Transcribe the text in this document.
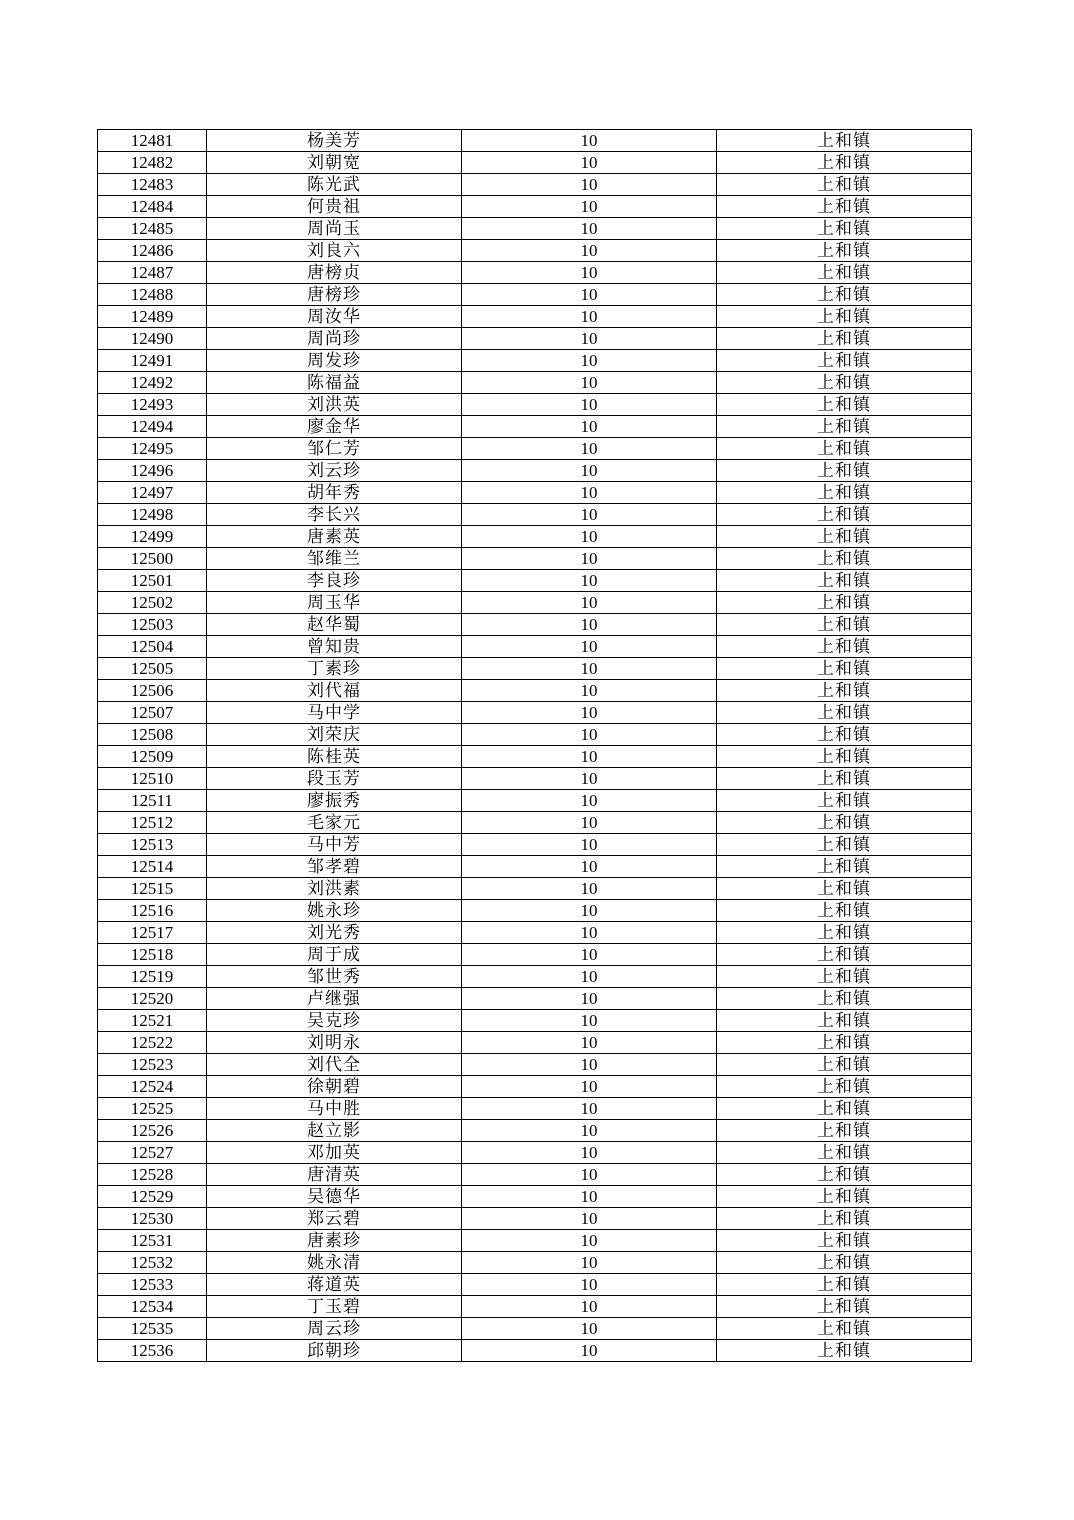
12481	杨美芳	10	上和镇
12482	刘朝宽	10	上和镇
12483	陈光武	10	上和镇
12484	何贵祖	10	上和镇
12485	周尚玉	10	上和镇
12486	刘良六	10	上和镇
12487	唐榜贞	10	上和镇
12488	唐榜珍	10	上和镇
12489	周汝华	10	上和镇
12490	周尚珍	10	上和镇
12491	周发珍	10	上和镇
12492	陈福益	10	上和镇
12493	刘洪英	10	上和镇
12494	廖金华	10	上和镇
12495	邹仁芳	10	上和镇
12496	刘云珍	10	上和镇
12497	胡年秀	10	上和镇
12498	李长兴	10	上和镇
12499	唐素英	10	上和镇
12500	邹维兰	10	上和镇
12501	李良珍	10	上和镇
12502	周玉华	10	上和镇
12503	赵华蜀	10	上和镇
12504	曾知贵	10	上和镇
12505	丁素珍	10	上和镇
12506	刘代福	10	上和镇
12507	马中学	10	上和镇
12508	刘荣庆	10	上和镇
12509	陈桂英	10	上和镇
12510	段玉芳	10	上和镇
12511	廖振秀	10	上和镇
12512	毛家元	10	上和镇
12513	马中芳	10	上和镇
12514	邹孝碧	10	上和镇
12515	刘洪素	10	上和镇
12516	姚永珍	10	上和镇
12517	刘光秀	10	上和镇
12518	周于成	10	上和镇
12519	邹世秀	10	上和镇
12520	卢继强	10	上和镇
12521	吴克珍	10	上和镇
12522	刘明永	10	上和镇
12523	刘代全	10	上和镇
12524	徐朝碧	10	上和镇
12525	马中胜	10	上和镇
12526	赵立影	10	上和镇
12527	邓加英	10	上和镇
12528	唐清英	10	上和镇
12529	吴德华	10	上和镇
12530	郑云碧	10	上和镇
12531	唐素珍	10	上和镇
12532	姚永清	10	上和镇
12533	蒋道英	10	上和镇
12534	丁玉碧	10	上和镇
12535	周云珍	10	上和镇
12536	邱朝珍	10	上和镇
